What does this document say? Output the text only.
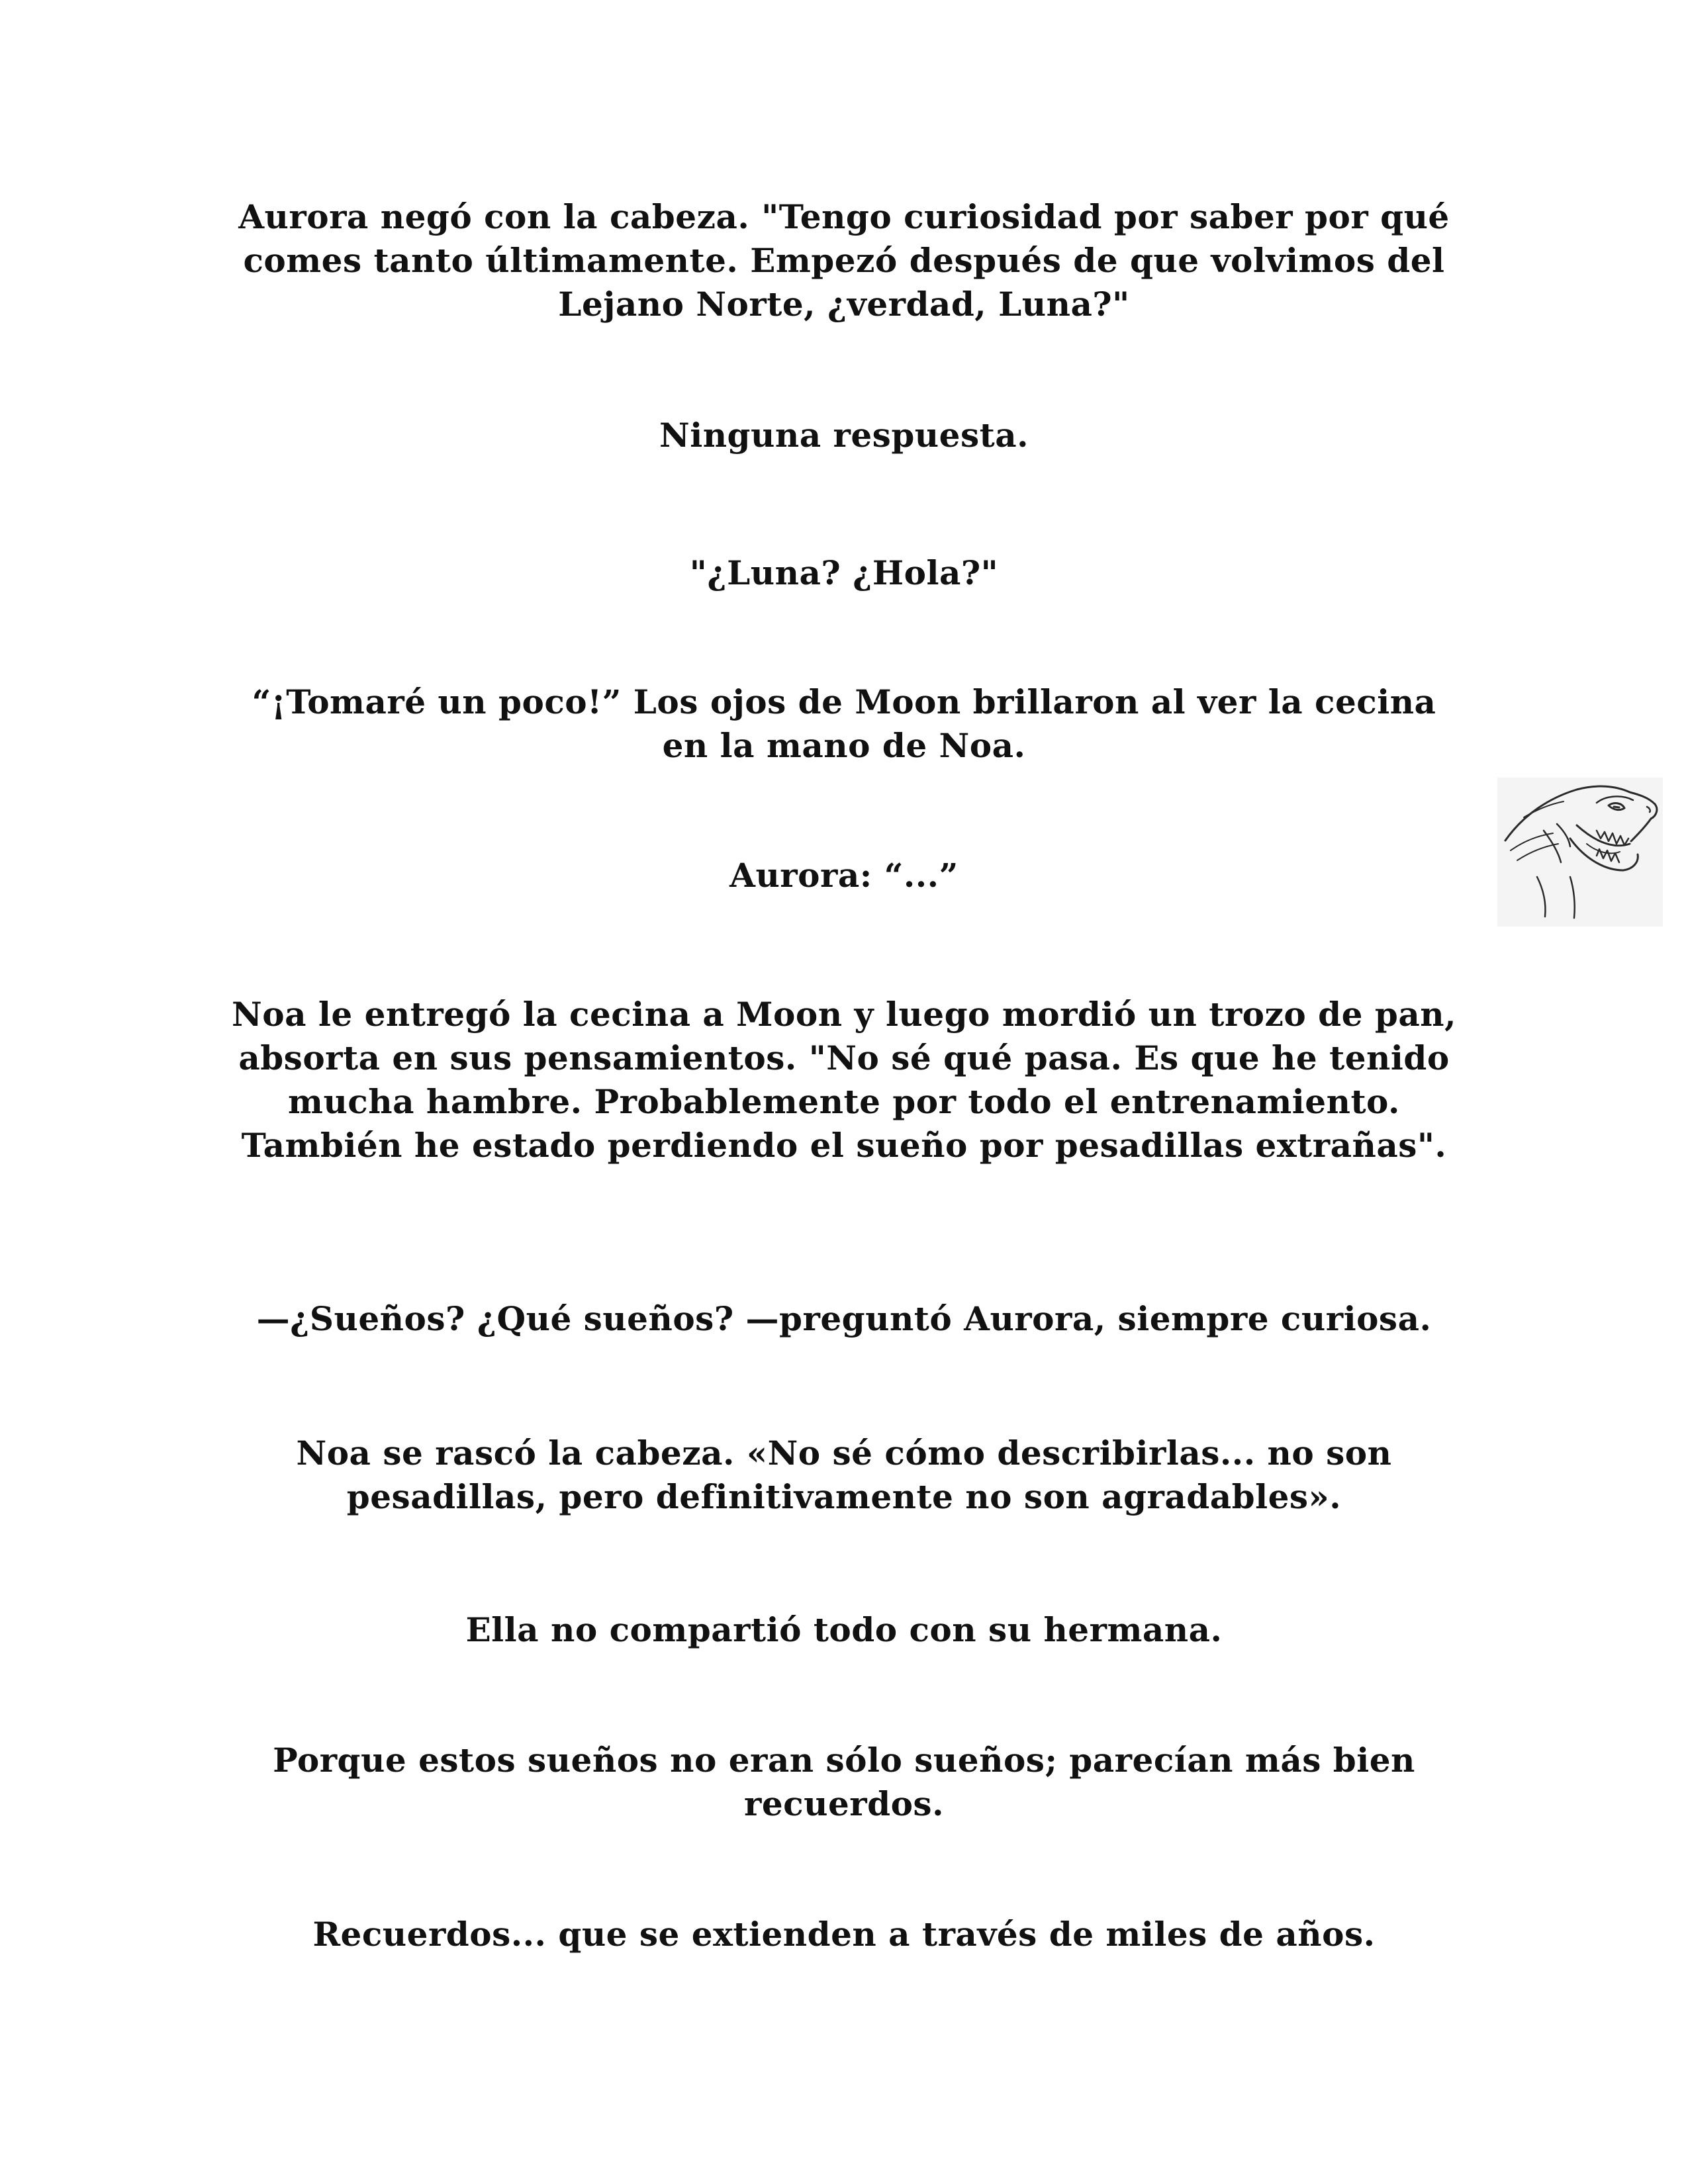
Aurora negó con la cabeza. "Tengo curiosidad por saber por qué comes tanto últimamente. Empezó después de que volvimos del Lejano Norte, ¿verdad, Luna?"

Ninguna respuesta.

"¿Luna? ¿Hola?"

“¡Tomaré un poco!” Los ojos de Moon brillaron al ver la cecina en la mano de Noa.

Aurora: “...”

Noa le entregó la cecina a Moon y luego mordió un trozo de pan, absorta en sus pensamientos. "No sé qué pasa. Es que he tenido mucha hambre. Probablemente por todo el entrenamiento. También he estado perdiendo el sueño por pesadillas extrañas".

—¿Sueños? ¿Qué sueños? —preguntó Aurora, siempre curiosa.

Noa se rascó la cabeza. «No sé cómo describirlas... no son pesadillas, pero definitivamente no son agradables».

Ella no compartió todo con su hermana.

Porque estos sueños no eran sólo sueños; parecían más bien recuerdos.

Recuerdos... que se extienden a través de miles de años.
